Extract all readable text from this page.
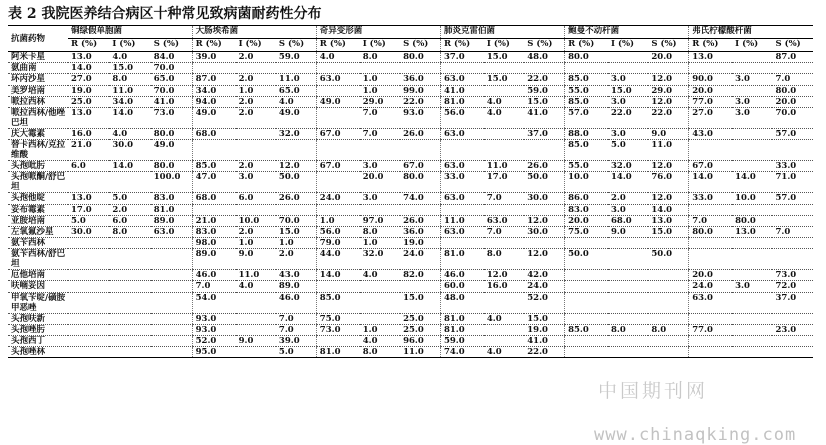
表 2 我院医养结合病区十种常见致病菌耐药性分布
抗菌药物	铜绿假单胞菌			大肠埃希菌			奇异变形菌			肺炎克雷伯菌			鲍曼不动杆菌			弗氏柠檬酸杆菌		
	R (%)	I (%)	S (%)	R (%)	I (%)	S (%)	R (%)	I (%)	S (%)	R (%)	I (%)	S (%)	R (%)	I (%)	S (%)	R (%)	I (%)	S (%)
阿米卡星	13.0	4.0	84.0	39.0	2.0	59.0	4.0	8.0	80.0	37.0	15.0	48.0	80.0		20.0	13.0		87.0
氨曲南	14.0	15.0	70.0															
环丙沙星	27.0	8.0	65.0	87.0	2.0	11.0	63.0	1.0	36.0	63.0	15.0	22.0	85.0	3.0	12.0	90.0	3.0	7.0
美罗培南	19.0	11.0	70.0	34.0	1.0	65.0		1.0	99.0	41.0		59.0	55.0	15.0	29.0	20.0		80.0
哌拉西林	25.0	34.0	41.0	94.0	2.0	4.0	49.0	29.0	22.0	81.0	4.0	15.0	85.0	3.0	12.0	77.0	3.0	20.0
哌拉西林/他唑巴坦	13.0	14.0	73.0	49.0	2.0	49.0		7.0	93.0	56.0	4.0	41.0	57.0	22.0	22.0	27.0	3.0	70.0
庆大霉素	16.0	4.0	80.0	68.0		32.0	67.0	7.0	26.0	63.0		37.0	88.0	3.0	9.0	43.0		57.0
替卡西林/克拉维酸	21.0	30.0	49.0										85.0	5.0	11.0			
头孢吡肟	6.0	14.0	80.0	85.0	2.0	12.0	67.0	3.0	67.0	63.0	11.0	26.0	55.0	32.0	12.0	67.0		33.0
头孢哌酮/舒巴坦			100.0	47.0	3.0	50.0		20.0	80.0	33.0	17.0	50.0	10.0	14.0	76.0	14.0	14.0	71.0
头孢他啶	13.0	5.0	83.0	68.0	6.0	26.0	24.0	3.0	74.0	63.0	7.0	30.0	86.0	2.0	12.0	33.0	10.0	57.0
妥布霉素	17.0	2.0	81.0										83.0	3.0	14.0			
亚胺培南	5.0	6.0	89.0	21.0	10.0	70.0	1.0	97.0	26.0	11.0	63.0	12.0	20.0	68.0	13.0	7.0	80.0	
左氧氟沙星	30.0	8.0	63.0	83.0	2.0	15.0	56.0	8.0	36.0	63.0	7.0	30.0	75.0	9.0	15.0	80.0	13.0	7.0
氨苄西林				98.0	1.0	1.0	79.0	1.0	19.0									
氨苄西林/舒巴坦				89.0	9.0	2.0	44.0	32.0	24.0	81.0	8.0	12.0	50.0		50.0			
厄他培南				46.0	11.0	43.0	14.0	4.0	82.0	46.0	12.0	42.0				20.0		73.0
呋喃妥因				7.0	4.0	89.0				60.0	16.0	24.0				24.0	3.0	72.0
甲氧苄啶/磺胺甲恶唑				54.0		46.0	85.0		15.0	48.0		52.0				63.0		37.0
头孢呋新				93.0		7.0	75.0		25.0	81.0	4.0	15.0						
头孢唑肟				93.0		7.0	73.0	1.0	25.0	81.0		19.0	85.0	8.0	8.0	77.0		23.0
头孢西丁				52.0	9.0	39.0		4.0	96.0	59.0		41.0						
头孢唑林				95.0		5.0	81.0	8.0	11.0	74.0	4.0	22.0						
中国期刊网
www.chinaqking.com
